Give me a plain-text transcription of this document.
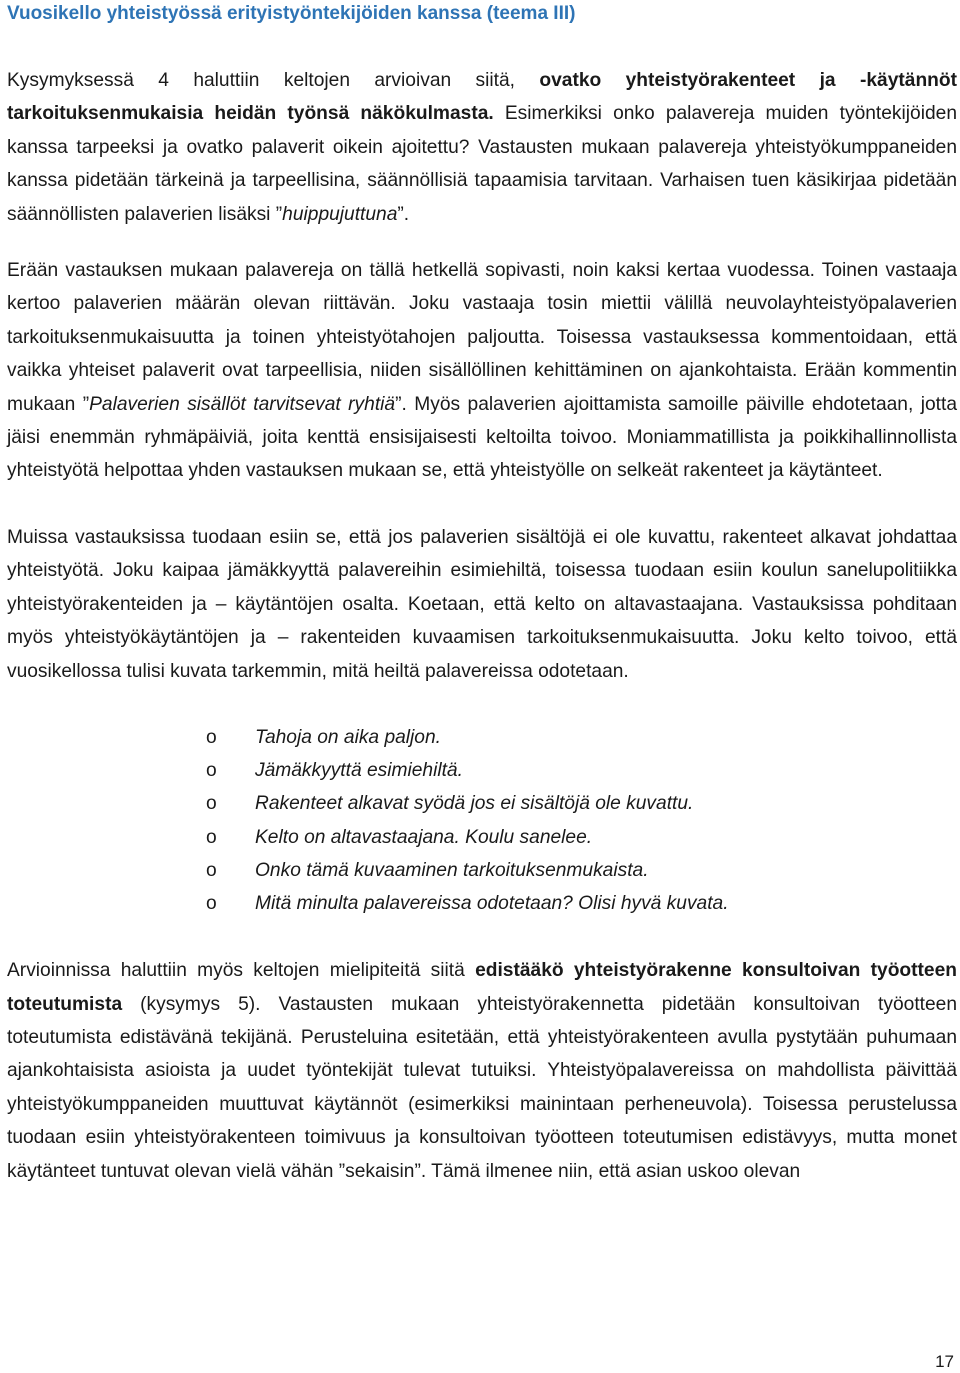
Vuosikello yhteistyössä erityistyöntekijöiden kanssa (teema III)

Kysymyksessä 4 haluttiin keltojen arvioivan siitä, ovatko yhteistyörakenteet ja -käytännöt tarkoituksenmukaisia heidän työnsä näkökulmasta. Esimerkiksi onko palavereja muiden työntekijöiden kanssa tarpeeksi ja ovatko palaverit oikein ajoitettu? Vastausten mukaan palavereja yhteistyökumppaneiden kanssa pidetään tärkeinä ja tarpeellisina, säännöllisiä tapaamisia tarvitaan. Varhaisen tuen käsikirjaa pidetään säännöllisten palaverien lisäksi ”huippujuttuna”.

Erään vastauksen mukaan palavereja on tällä hetkellä sopivasti, noin kaksi kertaa vuodessa. Toinen vastaaja kertoo palaverien määrän olevan riittävän. Joku vastaaja tosin miettii välillä neuvolayhteistyöpalaverien tarkoituksenmukaisuutta ja toinen yhteistyötahojen paljoutta. Toisessa vastauksessa kommentoidaan, että vaikka yhteiset palaverit ovat tarpeellisia, niiden sisällöllinen kehittäminen on ajankohtaista. Erään kommentin mukaan ”Palaverien sisällöt tarvitsevat ryhtiä”. Myös palaverien ajoittamista samoille päiville ehdotetaan, jotta jäisi enemmän ryhmäpäiviä, joita kenttä ensisijaisesti keltoilta toivoo. Moniammatillista ja poikkihallinnollista yhteistyötä helpottaa yhden vastauksen mukaan se, että yhteistyölle on selkeät rakenteet ja käytänteet.

Muissa vastauksissa tuodaan esiin se, että jos palaverien sisältöjä ei ole kuvattu, rakenteet alkavat johdattaa yhteistyötä. Joku kaipaa jämäkkyyttä palavereihin esimiehiltä, toisessa tuodaan esiin koulun sanelupolitiikka yhteistyörakenteiden ja – käytäntöjen osalta. Koetaan, että kelto on altavastaajana. Vastauksissa pohditaan myös yhteistyökäytäntöjen ja – rakenteiden kuvaamisen tarkoituksenmukaisuutta. Joku kelto toivoo, että vuosikellossa tulisi kuvata tarkemmin, mitä heiltä palavereissa odotetaan.

o Tahoja on aika paljon.
o Jämäkkyyttä esimiehiltä.
o Rakenteet alkavat syödä jos ei sisältöjä ole kuvattu.
o Kelto on altavastaajana. Koulu sanelee.
o Onko tämä kuvaaminen tarkoituksenmukaista.
o Mitä minulta palavereissa odotetaan? Olisi hyvä kuvata.

Arvioinnissa haluttiin myös keltojen mielipiteitä siitä edistääkö yhteistyörakenne konsultoivan työotteen toteutumista (kysymys 5). Vastausten mukaan yhteistyörakennetta pidetään konsultoivan työotteen toteutumista edistävänä tekijänä. Perusteluina esitetään, että yhteistyörakenteen avulla pystytään puhumaan ajankohtaisista asioista ja uudet työntekijät tulevat tutuiksi. Yhteistyöpalavereissa on mahdollista päivittää yhteistyökumppaneiden muuttuvat käytännöt (esimerkiksi mainintaan perheneuvola). Toisessa perustelussa tuodaan esiin yhteistyörakenteen toimivuus ja konsultoivan työotteen toteutumisen edistävyys, mutta monet käytänteet tuntuvat olevan vielä vähän ”sekaisin”. Tämä ilmenee niin, että asian uskoo olevan

17
